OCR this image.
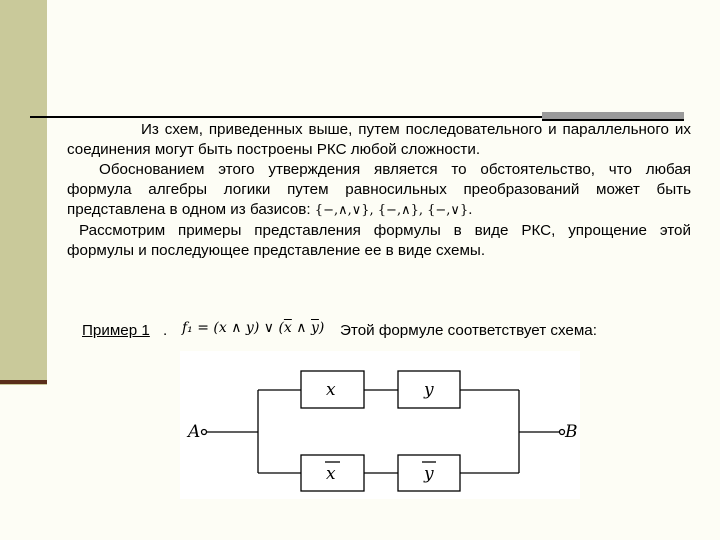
Из схем, приведенных выше, путем последовательного и параллельного их соединения могут быть построены РКС любой сложности.

Обоснованием этого утверждения является то обстоятельство, что любая формула алгебры логики путем равносильных преобразований может быть представлена в одном из базисов: {−,∧,∨}, {−,∧}, {−,∨}.

Рассмотрим примеры представления формулы в виде РКС, упрощение этой формулы и последующее представление ее в виде схемы.

Пример 1 . f₁ = (x ∧ y) ∨ ($\overline{x}$ ∧ $\overline{y}$) Этой формуле соответствует схема:
A	B
x	y
x	y
